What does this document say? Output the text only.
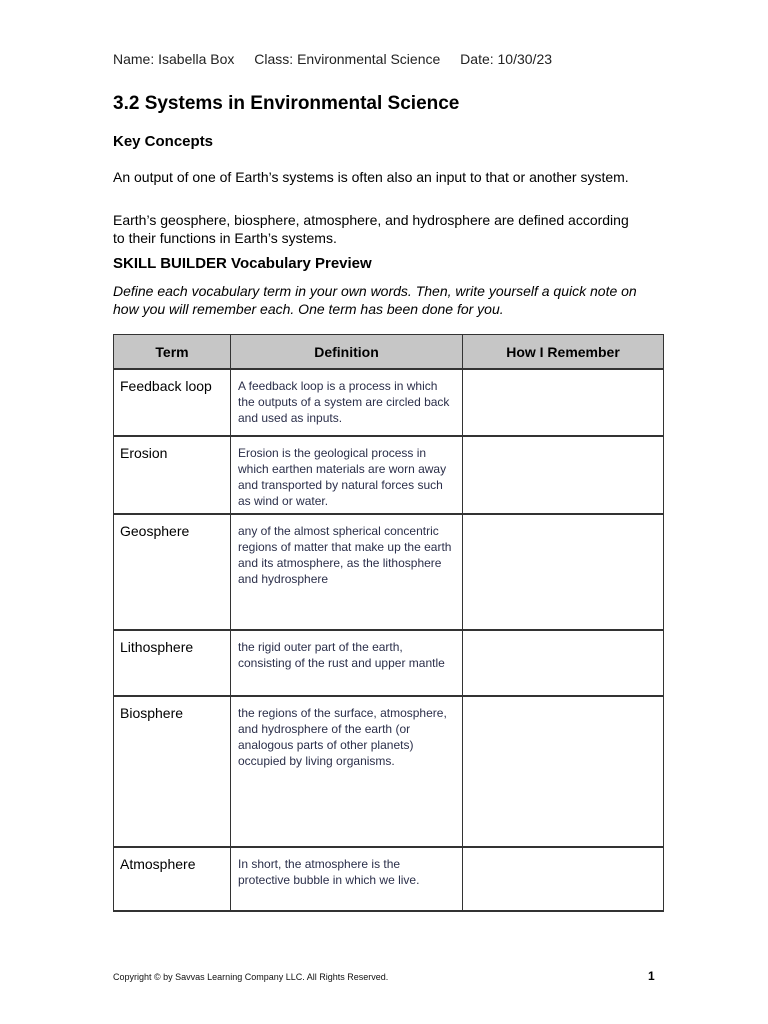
Name: Isabella Box Class: Environmental Science Date: 10/30/23
3.2 Systems in Environmental Science
Key Concepts
An output of one of Earth’s systems is often also an input to that or another system.
Earth’s geosphere, biosphere, atmosphere, and hydrosphere are defined according to their functions in Earth’s systems.
SKILL BUILDER Vocabulary Preview
Define each vocabulary term in your own words. Then, write yourself a quick note on how you will remember each. One term has been done for you.
Term	Definition	How I Remember

Feedback loop	A feedback loop is a process in which the outputs of a system are circled back and used as inputs.	

Erosion	Erosion is the geological process in which earthen materials are worn away and transported by natural forces such as wind or water.	

Geosphere	any of the almost spherical concentric regions of matter that make up the earth and its atmosphere, as the lithosphere and hydrosphere	

Lithosphere	the rigid outer part of the earth, consisting of the rust and upper mantle	

Biosphere	the regions of the surface, atmosphere, and hydrosphere of the earth (or analogous parts of other planets) occupied by living organisms.	

Atmosphere	In short, the atmosphere is the protective bubble in which we live.	

Copyright © by Savvas Learning Company LLC. All Rights Reserved.	1
